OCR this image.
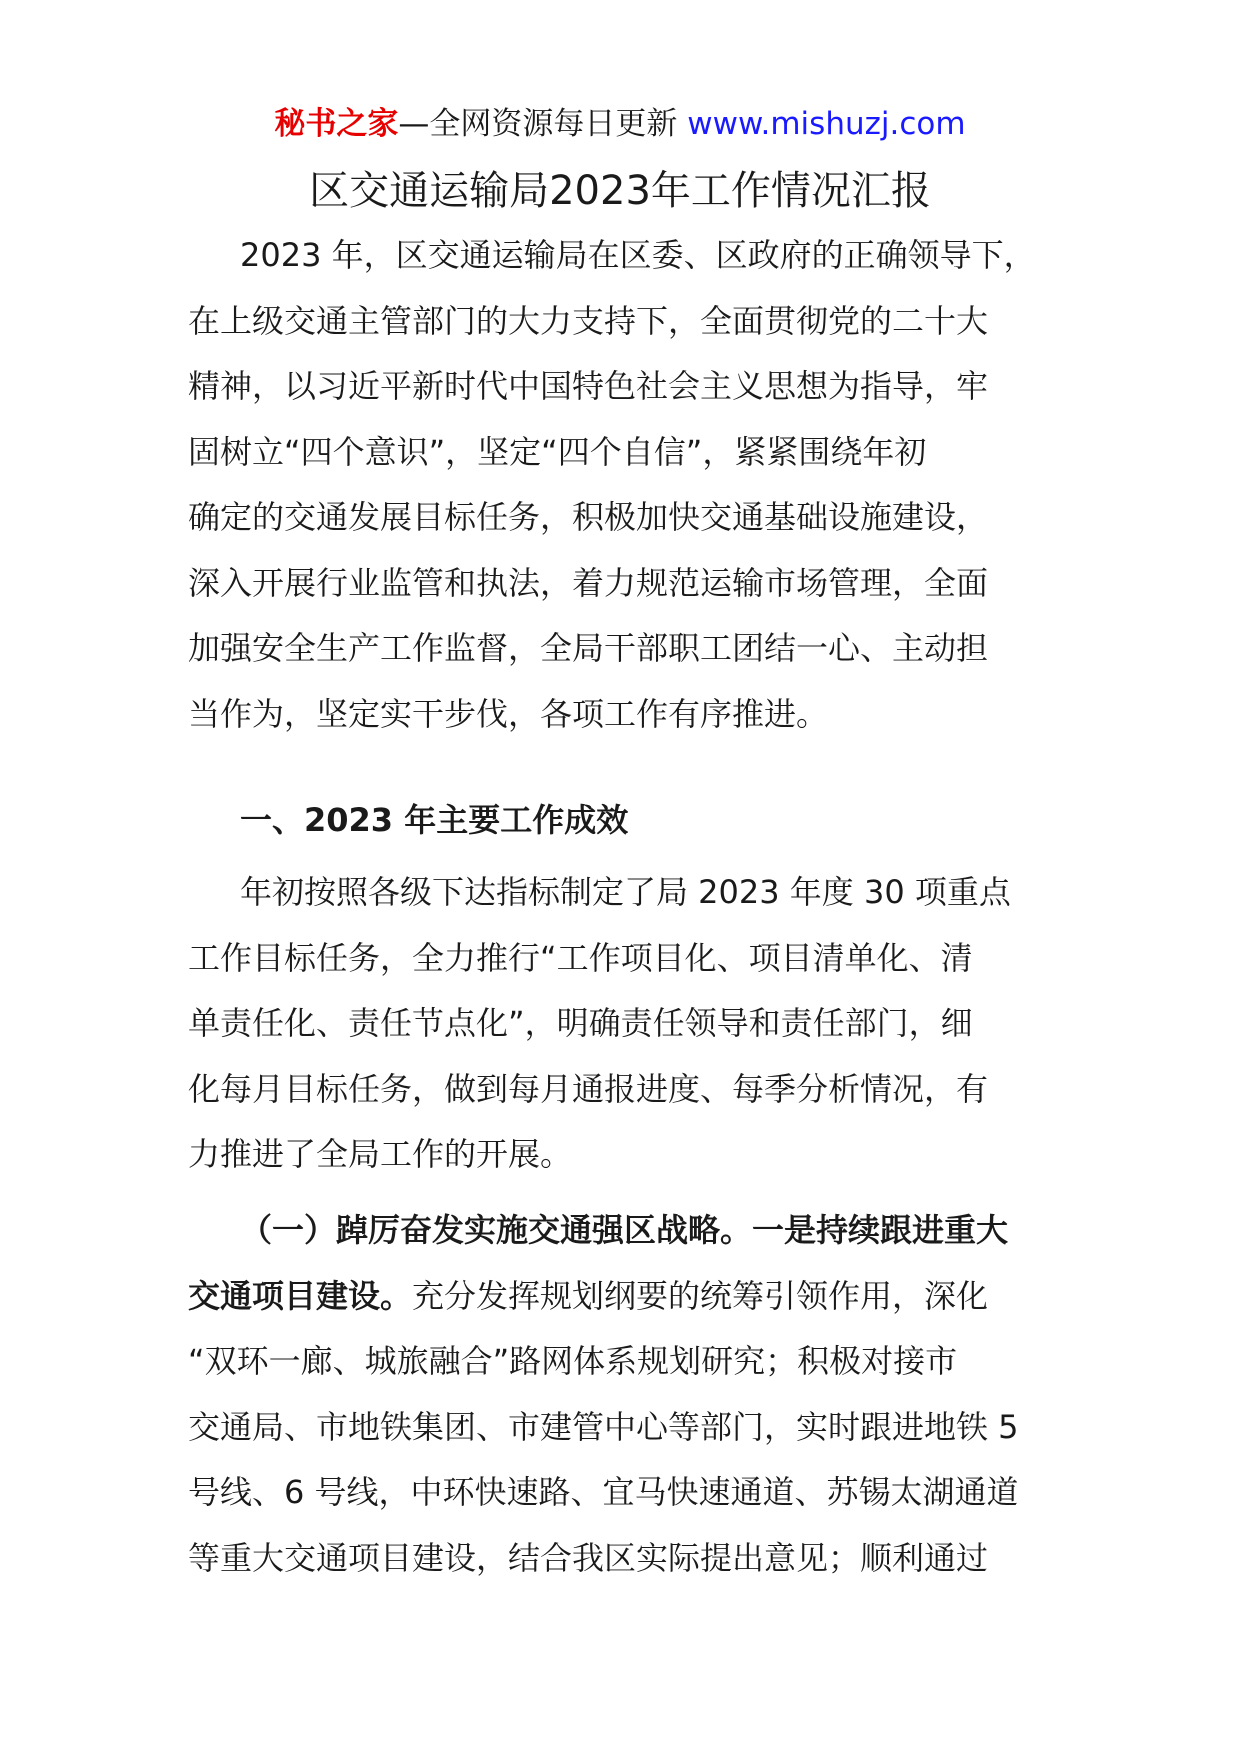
秘书之家—全网资源每日更新 www.mishuzj.com
区交通运输局2023年工作情况汇报
2023 年，区交通运输局在区委、区政府的正确领导下，
在上级交通主管部门的大力支持下，全面贯彻党的二十大
精神，以习近平新时代中国特色社会主义思想为指导，牢
固树立“四个意识”，坚定“四个自信”，紧紧围绕年初
确定的交通发展目标任务，积极加快交通基础设施建设，
深入开展行业监管和执法，着力规范运输市场管理，全面
加强安全生产工作监督，全局干部职工团结一心、主动担
当作为，坚定实干步伐，各项工作有序推进。
一、2023 年主要工作成效
年初按照各级下达指标制定了局 2023 年度 30 项重点
工作目标任务，全力推行“工作项目化、项目清单化、清
单责任化、责任节点化”，明确责任领导和责任部门，细
化每月目标任务，做到每月通报进度、每季分析情况，有
力推进了全局工作的开展。
（一）踔厉奋发实施交通强区战略。一是持续跟进重大
交通项目建设。充分发挥规划纲要的统筹引领作用，深化
“双环一廊、城旅融合”路网体系规划研究；积极对接市
交通局、市地铁集团、市建管中心等部门，实时跟进地铁 5
号线、6 号线，中环快速路、宜马快速通道、苏锡太湖通道
等重大交通项目建设，结合我区实际提出意见；顺利通过
